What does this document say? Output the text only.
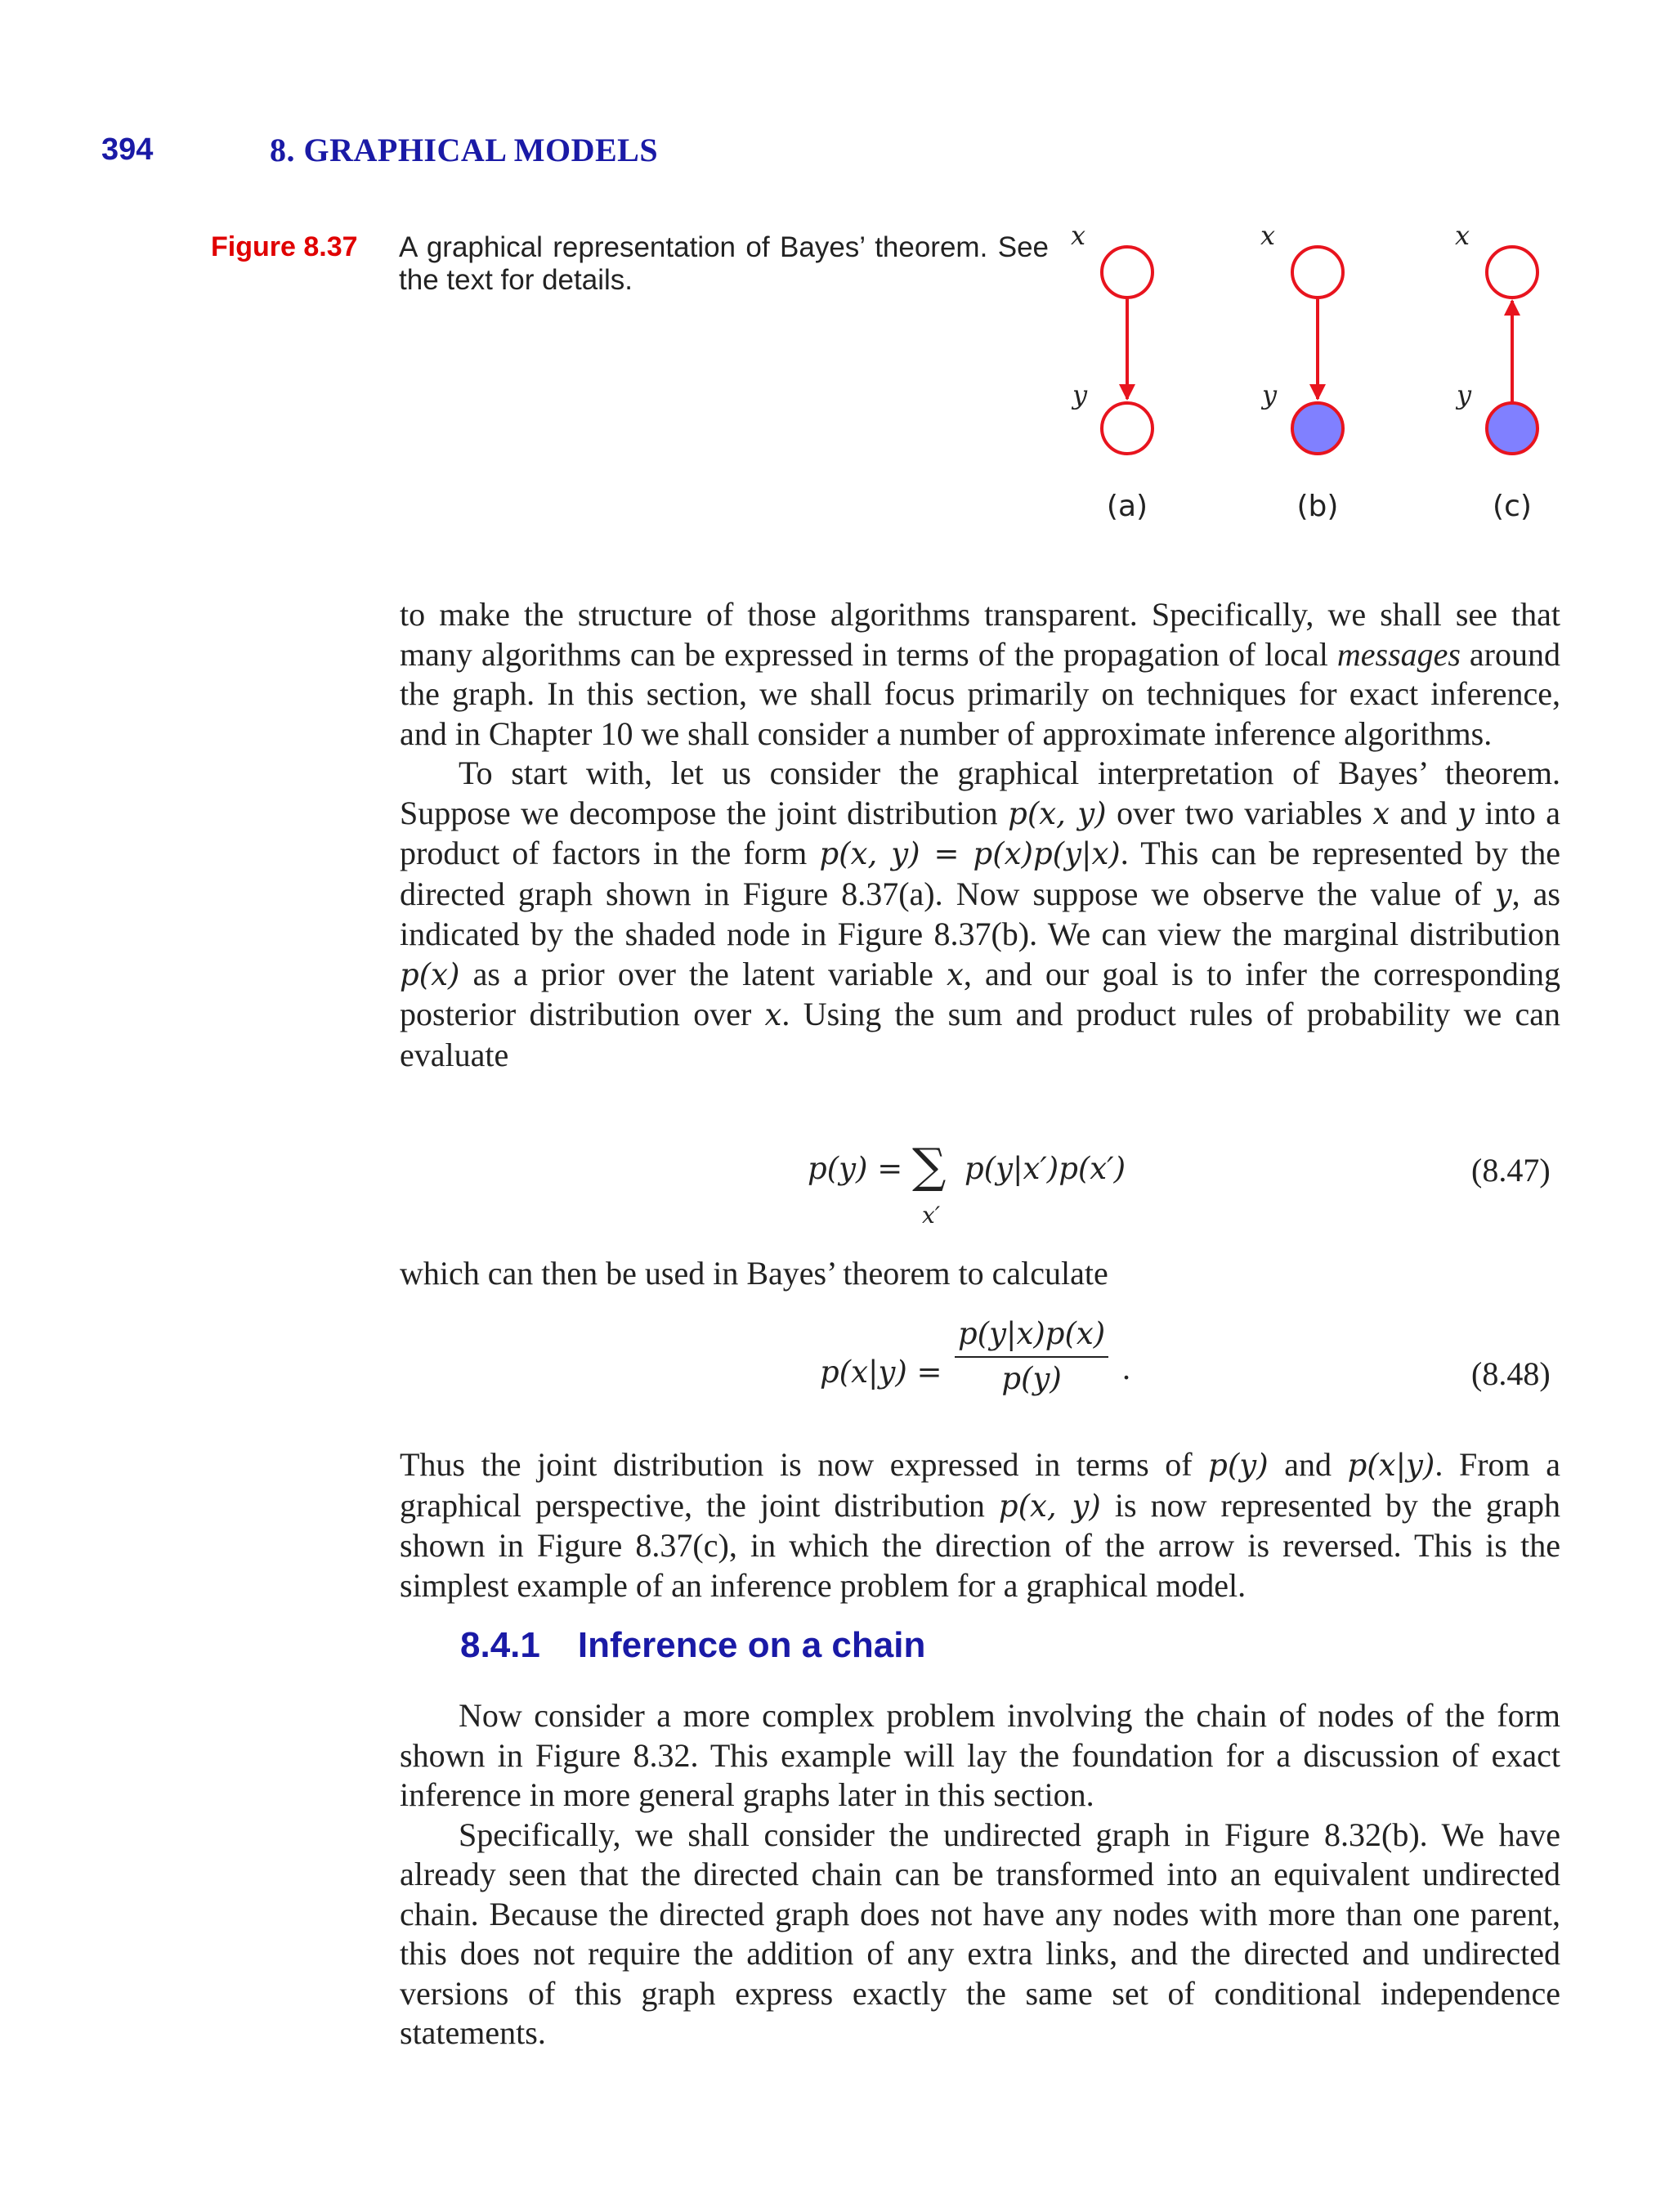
394	8. GRAPHICAL MODELS
Figure 8.37 A graphical representation of Bayes’ theorem. See the text for details.
x
y
(a)
x
y
(b)
x
y
(c)

to make the structure of those algorithms transparent. Specifically, we shall see that many algorithms can be expressed in terms of the propagation of local messages around the graph. In this section, we shall focus primarily on techniques for exact inference, and in Chapter 10 we shall consider a number of approximate inference algorithms.

To start with, let us consider the graphical interpretation of Bayes’ theorem. Suppose we decompose the joint distribution p(x, y) over two variables x and y into a product of factors in the form p(x, y) = p(x)p(y|x). This can be represented by the directed graph shown in Figure 8.37(a). Now suppose we observe the value of y, as indicated by the shaded node in Figure 8.37(b). We can view the marginal distribution p(x) as a prior over the latent variable x, and our goal is to infer the corresponding posterior distribution over x. Using the sum and product rules of probability we can evaluate

p(y) = ∑
x′
p(y|x′)p(x′)	(8.47)

which can then be used in Bayes’ theorem to calculate

$p(x|y) = \frac{p(y|x)p(x)}{p(y)}$ .	(8.48)

Thus the joint distribution is now expressed in terms of p(y) and p(x|y). From a graphical perspective, the joint distribution p(x, y) is now represented by the graph shown in Figure 8.37(c), in which the direction of the arrow is reversed. This is the simplest example of an inference problem for a graphical model.

8.4.1 Inference on a chain

Now consider a more complex problem involving the chain of nodes of the form shown in Figure 8.32. This example will lay the foundation for a discussion of exact inference in more general graphs later in this section.

Specifically, we shall consider the undirected graph in Figure 8.32(b). We have already seen that the directed chain can be transformed into an equivalent undirected chain. Because the directed graph does not have any nodes with more than one parent, this does not require the addition of any extra links, and the directed and undirected versions of this graph express exactly the same set of conditional independence statements.
